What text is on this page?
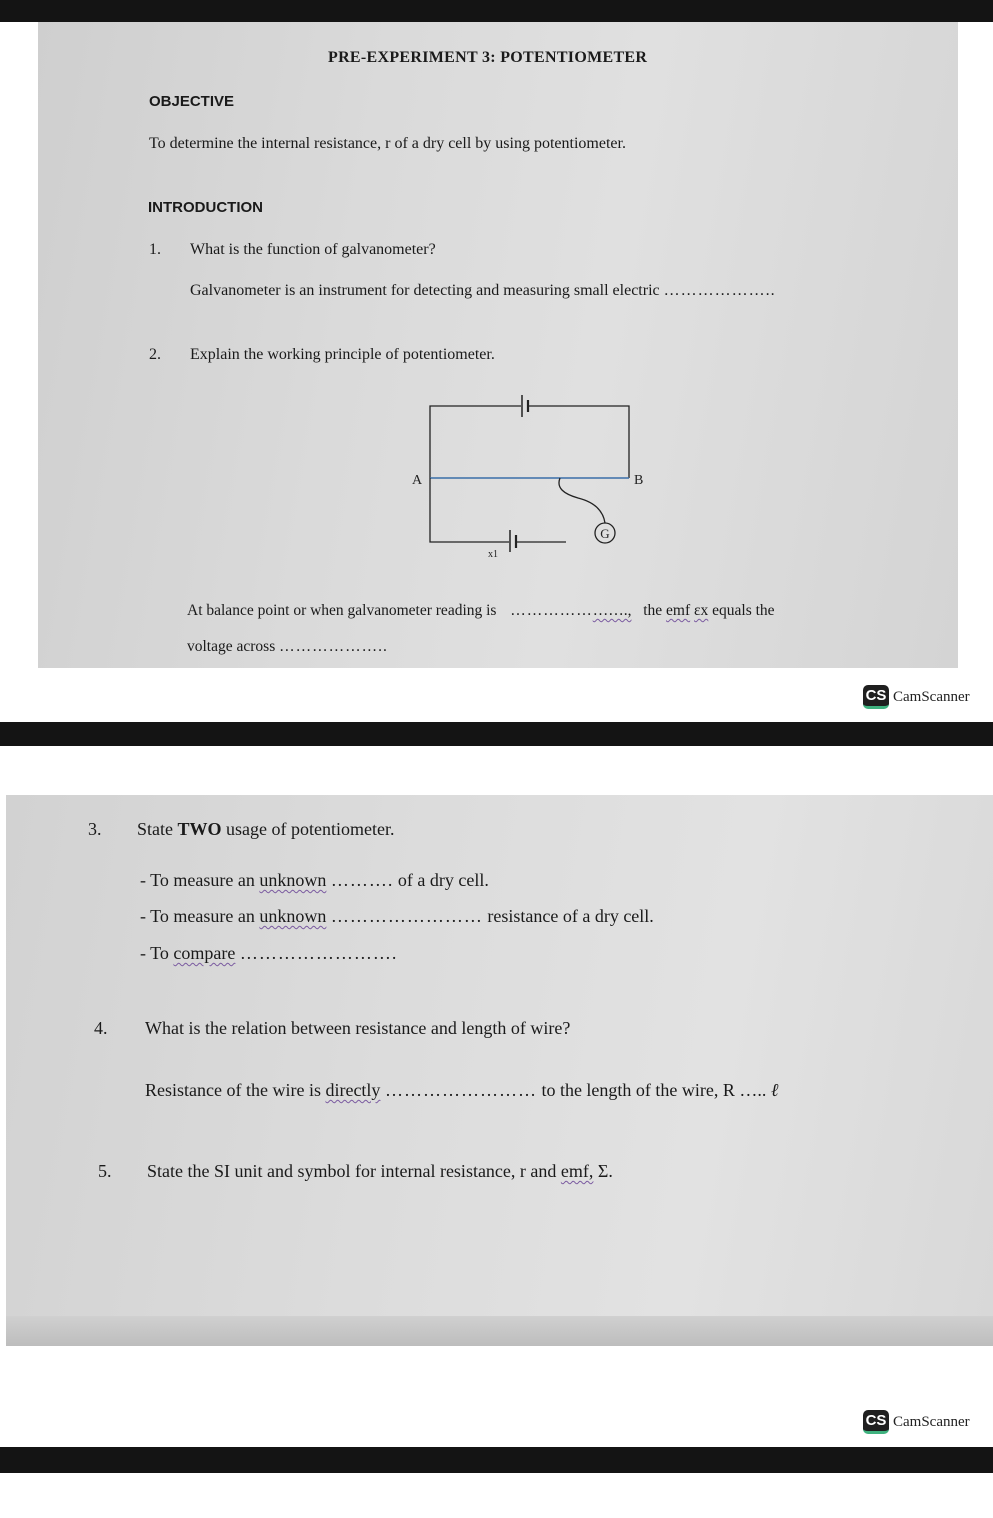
PRE-EXPERIMENT 3: POTENTIOMETER
OBJECTIVE
To determine the internal resistance, r of a dry cell by using potentiometer.
INTRODUCTION
1. What is the function of galvanometer?
Galvanometer is an instrument for detecting and measuring small electric ………………..
2. Explain the working principle of potentiometer.
G
A	B
x1
At balance point or when galvanometer reading is …………………., the emf εx equals the
voltage across ………………..
CS CamScanner
3. State TWO usage of potentiometer.
- To measure an unknown ………. of a dry cell.
- To measure an unknown …………………… resistance of a dry cell.
- To compare …………………….
4. What is the relation between resistance and length of wire?
Resistance of the wire is directly …………………… to the length of the wire, R ….. ℓ
5. State the SI unit and symbol for internal resistance, r and emf, Σ.
CS CamScanner
